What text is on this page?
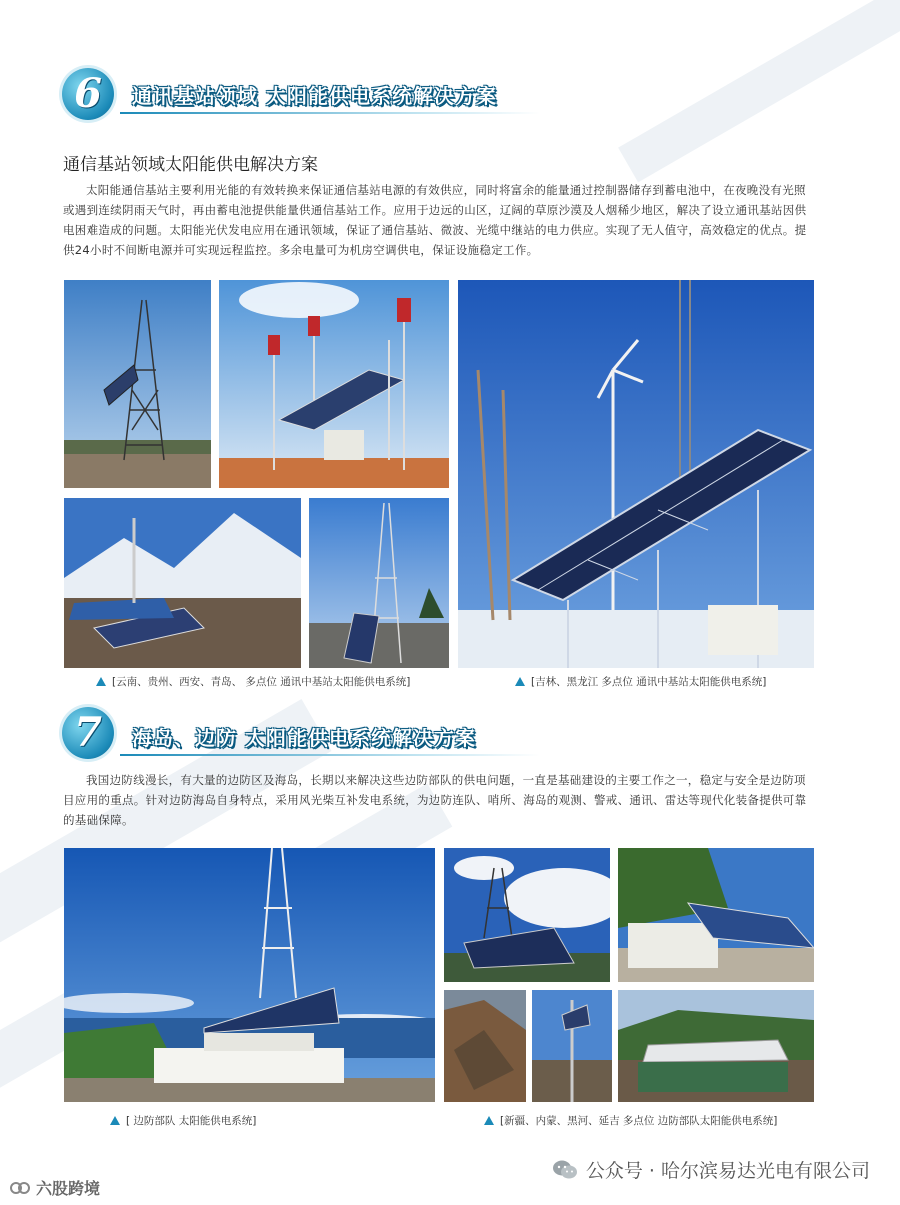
6	通讯基站领域 太阳能供电系统解决方案
通信基站领域太阳能供电解决方案

太阳能通信基站主要利用光能的有效转换来保证通信基站电源的有效供应，同时将富余的能量通过控制器储存到蓄电池中，在夜晚没有光照或遇到连续阴雨天气时，再由蓄电池提供能量供通信基站工作。应用于边远的山区，辽阔的草原沙漠及人烟稀少地区，解决了设立通讯基站因供电困难造成的问题。太阳能光伏发电应用在通讯领域，保证了通信基站、微波、光缆中继站的电力供应。实现了无人值守，高效稳定的优点。提供24小时不间断电源并可实现远程监控。多余电量可为机房空调供电，保证设施稳定工作。

[云南、贵州、西安、青岛、 多点位 通讯中基站太阳能供电系统]	[吉林、黑龙江 多点位 通讯中基站太阳能供电系统]
7	海岛、边防 太阳能供电系统解决方案

我国边防线漫长，有大量的边防区及海岛，长期以来解决这些边防部队的供电问题，一直是基础建设的主要工作之一，稳定与安全是边防项目应用的重点。针对边防海岛自身特点，采用风光柴互补发电系统，为边防连队、哨所、海岛的观测、警戒、通讯、雷达等现代化装备提供可靠的基础保障。

[ 边防部队 太阳能供电系统]	[新疆、内蒙、黑河、延吉 多点位 边防部队太阳能供电系统]
公众号 · 哈尔滨易达光电有限公司
六股跨境
